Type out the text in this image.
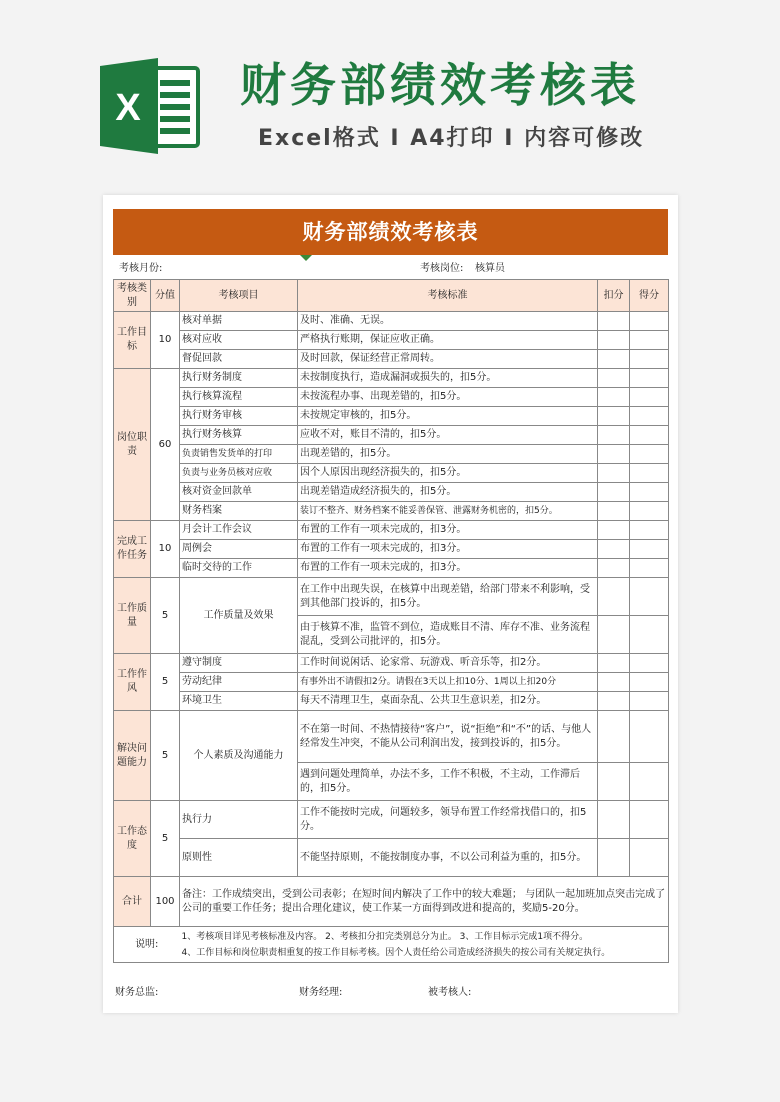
X 财务部绩效考核表
Excel格式 I A4打印 I 内容可修改
财务部绩效考核表
考核月份:	考核岗位: 核算员
考核类别	分值	考核项目	考核标准	扣分	得分
工作目标	10	核对单据	及时、准确、无误。		
		核对应收	严格执行账期，保证应收正确。		
		督促回款	及时回款，保证经营正常周转。		
岗位职责	60	执行财务制度	未按制度执行，造成漏洞或损失的，扣5分。		
		执行核算流程	未按流程办事、出现差错的，扣5分。		
		执行财务审核	未按规定审核的，扣5分。		
		执行财务核算	应收不对，账目不清的，扣5分。		
		负责销售发货单的打印	出现差错的，扣5分。		
		负责与业务员核对应收	因个人原因出现经济损失的，扣5分。		
		核对资金回款单	出现差错造成经济损失的，扣5分。		
		财务档案	装订不整齐、财务档案不能妥善保管、泄露财务机密的，扣5分。		
完成工作任务	10	月会计工作会议	布置的工作有一项未完成的，扣3分。		
		周例会	布置的工作有一项未完成的，扣3分。		
		临时交待的工作	布置的工作有一项未完成的，扣3分。		
工作质量	5	工作质量及效果	在工作中出现失误，在核算中出现差错，给部门带来不利影响，受到其他部门投诉的，扣5分。		
			由于核算不准，监管不到位，造成账目不清、库存不准、业务流程混乱，受到公司批评的，扣5分。		
工作作风	5	遵守制度	工作时间说闲话、论家常、玩游戏、听音乐等，扣2分。		
		劳动纪律	有事外出不请假扣2分。请假在3天以上扣10分、1周以上扣20分		
		环境卫生	每天不清理卫生，桌面杂乱、公共卫生意识差，扣2分。		
解决问题能力	5	个人素质及沟通能力	不在第一时间、不热情接待“客户”，说“拒绝”和“不”的话、与他人经常发生冲突，不能从公司利润出发，接到投诉的，扣5分。		
			遇到问题处理简单，办法不多，工作不积极，不主动，工作滞后的，扣5分。		
工作态度	5	执行力	工作不能按时完成，问题较多，领导布置工作经常找借口的，扣5分。		
		原则性	不能坚持原则，不能按制度办事，不以公司利益为重的，扣5分。		
合计	100	备注：工作成绩突出，受到公司表彰；在短时间内解决了工作中的较大难题； 与团队一起加班加点突击完成了公司的重要工作任务；提出合理化建议，使工作某一方面得到改进和提高的，奖励5-20分。			
说明:		1、考核项目详见考核标准及内容。 2、考核扣分扣完类别总分为止。 3、工作目标示完成1项不得分。
4、工作目标和岗位职责相重复的按工作目标考核。因个人责任给公司造成经济损失的按公司有关规定执行。			
财务总监:	财务经理:	被考核人:
